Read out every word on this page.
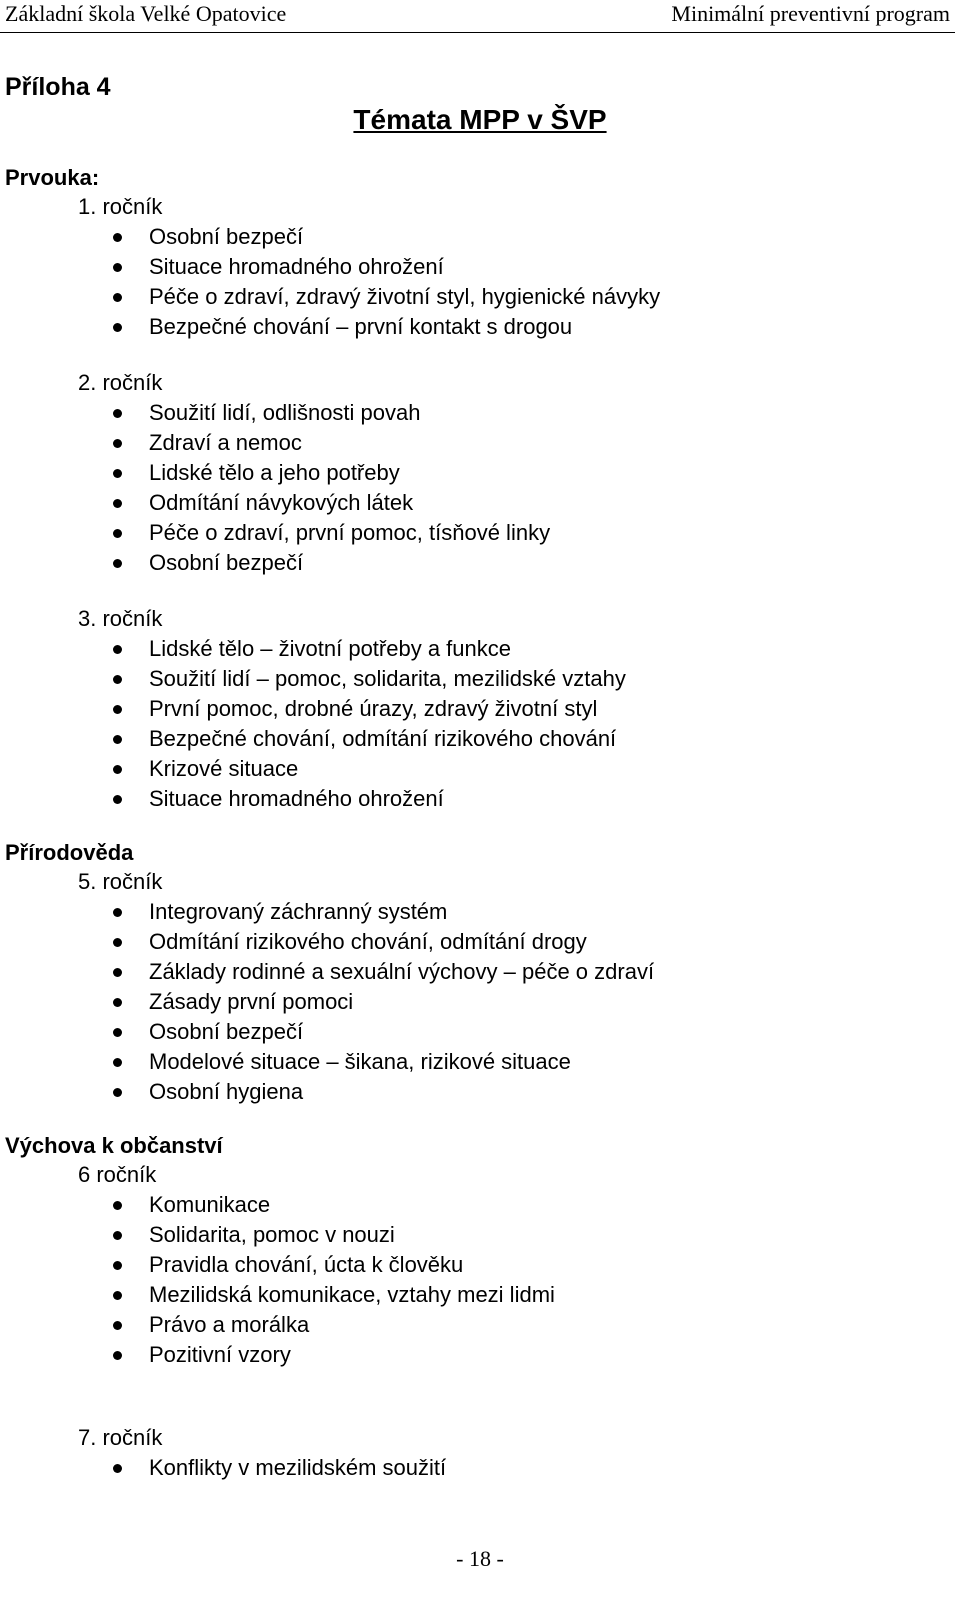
Základní škola Velké Opatovice	Minimální preventivní program
Příloha 4
Témata MPP v ŠVP
Prvouka:
1. ročník
Osobní bezpečí
Situace hromadného ohrožení
Péče o zdraví, zdravý životní styl, hygienické návyky
Bezpečné chování – první kontakt s drogou
2. ročník
Soužití lidí, odlišnosti povah
Zdraví a nemoc
Lidské tělo a jeho potřeby
Odmítání návykových látek
Péče o zdraví, první pomoc, tísňové linky
Osobní bezpečí
3. ročník
Lidské tělo – životní potřeby a funkce
Soužití lidí – pomoc, solidarita, mezilidské vztahy
První pomoc, drobné úrazy, zdravý životní styl
Bezpečné chování, odmítání rizikového chování
Krizové situace
Situace hromadného ohrožení
Přírodověda
5. ročník
Integrovaný záchranný systém
Odmítání rizikového chování, odmítání drogy
Základy rodinné a sexuální výchovy – péče o zdraví
Zásady první pomoci
Osobní bezpečí
Modelové situace – šikana, rizikové situace
Osobní hygiena
Výchova k občanství
6 ročník
Komunikace
Solidarita, pomoc v nouzi
Pravidla chování, úcta k člověku
Mezilidská komunikace, vztahy mezi lidmi
Právo a morálka
Pozitivní vzory
7. ročník
Konflikty v mezilidském soužití
- 18 -
